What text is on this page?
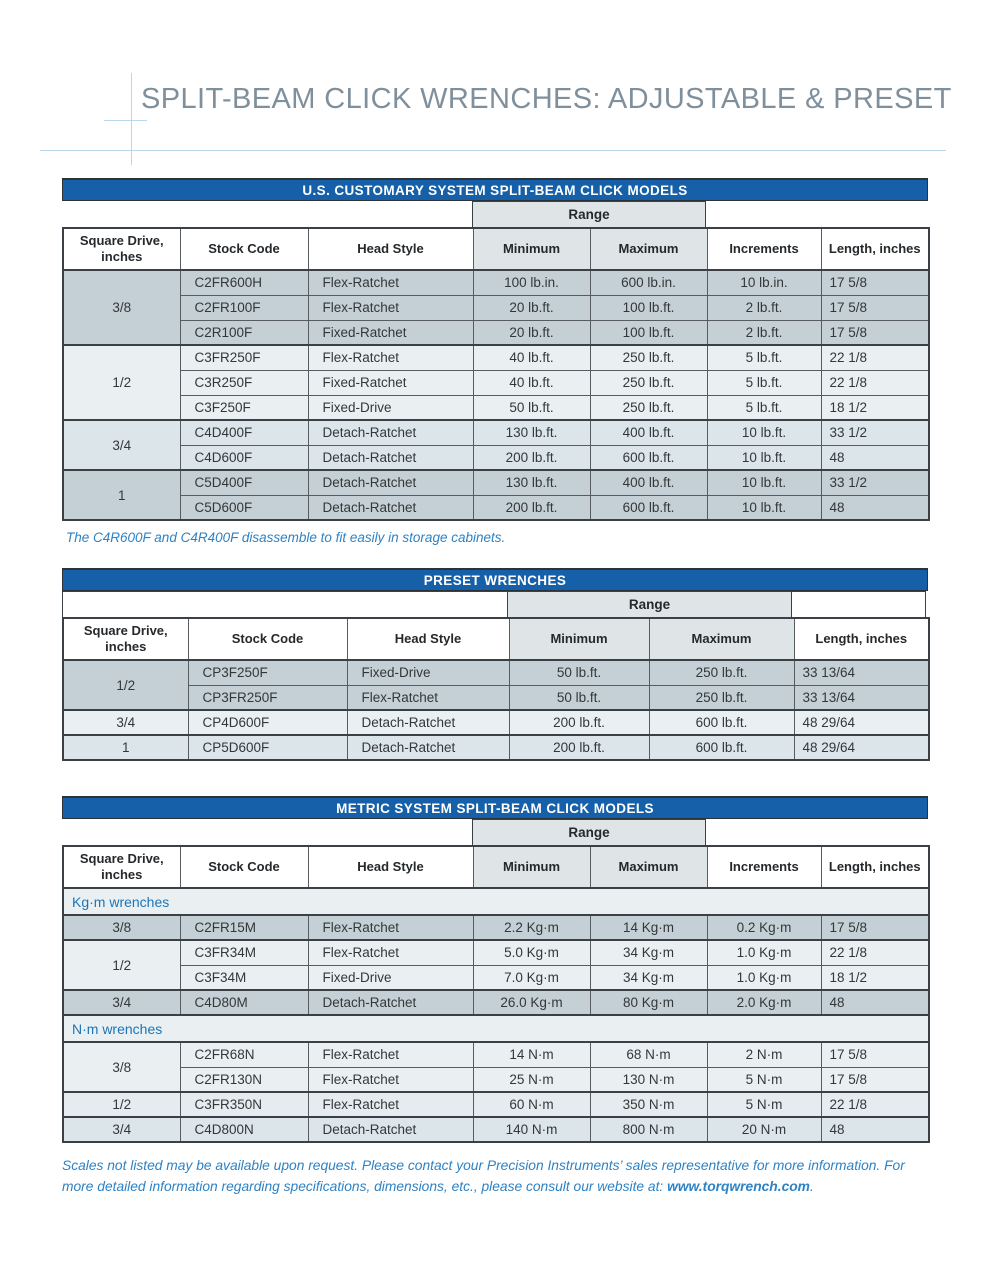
SPLIT-BEAM CLICK WRENCHES: ADJUSTABLE & PRESET
U.S. CUSTOMARY SYSTEM SPLIT-BEAM CLICK MODELS
Range
Square Drive, inches	Stock Code	Head Style	Minimum	Maximum	Increments	Length, inches
3/8	C2FR600H	Flex-Ratchet	100 lb.in.	600 lb.in.	10 lb.in.	17 5/8
	C2FR100F	Flex-Ratchet	20 lb.ft.	100 lb.ft.	2 lb.ft.	17 5/8
	C2R100F	Fixed-Ratchet	20 lb.ft.	100 lb.ft.	2 lb.ft.	17 5/8
1/2	C3FR250F	Flex-Ratchet	40 lb.ft.	250 lb.ft.	5 lb.ft.	22 1/8
	C3R250F	Fixed-Ratchet	40 lb.ft.	250 lb.ft.	5 lb.ft.	22 1/8
	C3F250F	Fixed-Drive	50 lb.ft.	250 lb.ft.	5 lb.ft.	18 1/2
3/4	C4D400F	Detach-Ratchet	130 lb.ft.	400 lb.ft.	10 lb.ft.	33 1/2
	C4D600F	Detach-Ratchet	200 lb.ft.	600 lb.ft.	10 lb.ft.	48
1	C5D400F	Detach-Ratchet	130 lb.ft.	400 lb.ft.	10 lb.ft.	33 1/2
	C5D600F	Detach-Ratchet	200 lb.ft.	600 lb.ft.	10 lb.ft.	48

The C4R600F and C4R400F disassemble to fit easily in storage cabinets.

PRESET WRENCHES
Range
Square Drive, inches	Stock Code	Head Style	Minimum	Maximum	Length, inches
1/2	CP3F250F	Fixed-Drive	50 lb.ft.	250 lb.ft.	33 13/64
	CP3FR250F	Flex-Ratchet	50 lb.ft.	250 lb.ft.	33 13/64
3/4	CP4D600F	Detach-Ratchet	200 lb.ft.	600 lb.ft.	48 29/64
1	CP5D600F	Detach-Ratchet	200 lb.ft.	600 lb.ft.	48 29/64
METRIC SYSTEM SPLIT-BEAM CLICK MODELS
Range
Square Drive, inches	Stock Code	Head Style	Minimum	Maximum	Increments	Length, inches
Kg·m wrenches						
3/8	C2FR15M	Flex-Ratchet	2.2 Kg·m	14 Kg·m	0.2 Kg·m	17 5/8
1/2	C3FR34M	Flex-Ratchet	5.0 Kg·m	34 Kg·m	1.0 Kg·m	22 1/8
	C3F34M	Fixed-Drive	7.0 Kg·m	34 Kg·m	1.0 Kg·m	18 1/2
3/4	C4D80M	Detach-Ratchet	26.0 Kg·m	80 Kg·m	2.0 Kg·m	48
N·m wrenches						
3/8	C2FR68N	Flex-Ratchet	14 N·m	68 N·m	2 N·m	17 5/8
	C2FR130N	Flex-Ratchet	25 N·m	130 N·m	5 N·m	17 5/8
1/2	C3FR350N	Flex-Ratchet	60 N·m	350 N·m	5 N·m	22 1/8
3/4	C4D800N	Detach-Ratchet	140 N·m	800 N·m	20 N·m	48

Scales not listed may be available upon request. Please contact your Precision Instruments’ sales representative for more information. For more detailed information regarding specifications, dimensions, etc., please consult our website at: www.torqwrench.com.
